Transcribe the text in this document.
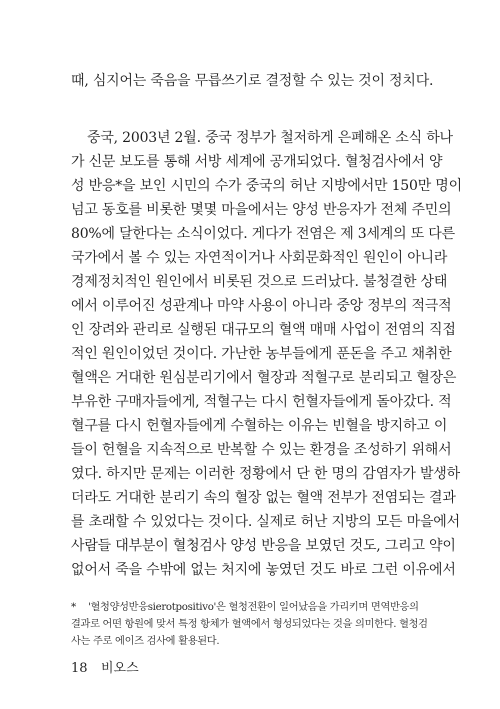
때, 심지어는 죽음을 무릅쓰기로 결정할 수 있는 것이 정치다.
중국, 2003년 2월. 중국 정부가 철저하게 은폐해온 소식 하나
가 신문 보도를 통해 서방 세계에 공개되었다. 혈청검사에서 양
성 반응*을 보인 시민의 수가 중국의 허난 지방에서만 150만 명이
넘고 동호를 비롯한 몇몇 마을에서는 양성 반응자가 전체 주민의
80%에 달한다는 소식이었다. 게다가 전염은 제 3세계의 또 다른
국가에서 볼 수 있는 자연적이거나 사회문화적인 원인이 아니라
경제정치적인 원인에서 비롯된 것으로 드러났다. 불청결한 상태
에서 이루어진 성관계나 마약 사용이 아니라 중앙 정부의 적극적
인 장려와 관리로 실행된 대규모의 혈액 매매 사업이 전염의 직접
적인 원인이었던 것이다. 가난한 농부들에게 푼돈을 주고 채취한
혈액은 거대한 원심분리기에서 혈장과 적혈구로 분리되고 혈장은
부유한 구매자들에게, 적혈구는 다시 헌혈자들에게 돌아갔다. 적
혈구를 다시 헌혈자들에게 수혈하는 이유는 빈혈을 방지하고 이
들이 헌혈을 지속적으로 반복할 수 있는 환경을 조성하기 위해서
였다. 하지만 문제는 이러한 정황에서 단 한 명의 감염자가 발생하
더라도 거대한 분리기 속의 혈장 없는 혈액 전부가 전염되는 결과
를 초래할 수 있었다는 것이다. 실제로 허난 지방의 모든 마을에서
사람들 대부분이 혈청검사 양성 반응을 보였던 것도, 그리고 약이
없어서 죽을 수밖에 없는 처지에 놓였던 것도 바로 그런 이유에서
* '혈청양성반응sierotpositivo'은 혈청전환이 일어났음을 가리키며 면역반응의
결과로 어떤 항원에 맞서 특정 항체가 혈액에서 형성되었다는 것을 의미한다. 혈청검
사는 주로 에이즈 검사에 활용된다.
18 비오스
